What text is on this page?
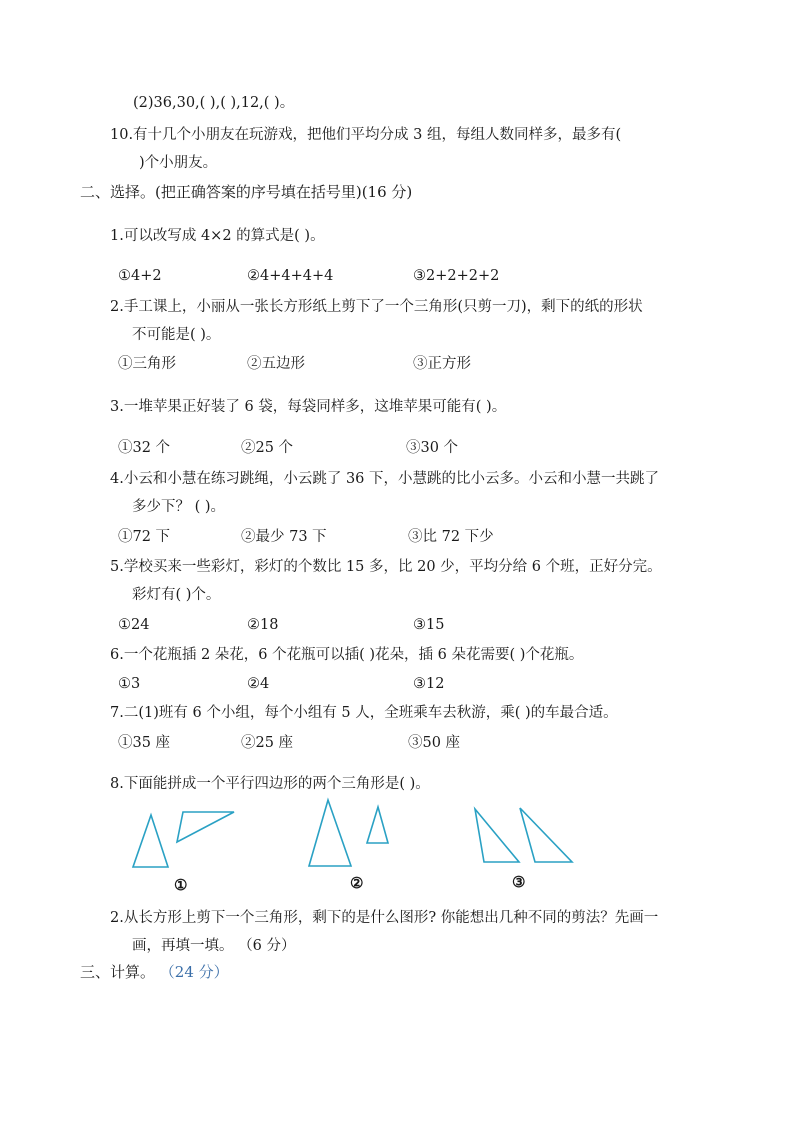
(2)36,30,( ),( ),12,( )。
10.有十几个小朋友在玩游戏，把他们平均分成 3 组，每组人数同样多，最多有(
)个小朋友。
二、选择。(把正确答案的序号填在括号里)(16 分)
1.可以改写成 4×2 的算式是( )。
①4+2	②4+4+4+4	③2+2+2+2
2.手工课上，小丽从一张长方形纸上剪下了一个三角形(只剪一刀)，剩下的纸的形状
不可能是( )。
①三角形	②五边形	③正方形
3.一堆苹果正好装了 6 袋，每袋同样多，这堆苹果可能有( )。
①32 个	②25 个	③30 个
4.小云和小慧在练习跳绳，小云跳了 36 下，小慧跳的比小云多。小云和小慧一共跳了
多少下？ ( )。
①72 下	②最少 73 下	③比 72 下少
5.学校买来一些彩灯，彩灯的个数比 15 多，比 20 少，平均分给 6 个班，正好分完。
彩灯有( )个。
①24	②18	③15
6.一个花瓶插 2 朵花，6 个花瓶可以插( )花朵，插 6 朵花需要( )个花瓶。
①3	②4	③12
7.二(1)班有 6 个小组，每个小组有 5 人，全班乘车去秋游，乘( )的车最合适。
①35 座	②25 座	③50 座
8.下面能拼成一个平行四边形的两个三角形是( )。
①	②	③
2.从长方形上剪下一个三角形，剩下的是什么图形? 你能想出几种不同的剪法？先画一
画，再填一填。 （6 分）
三、计算。 （24 分）
